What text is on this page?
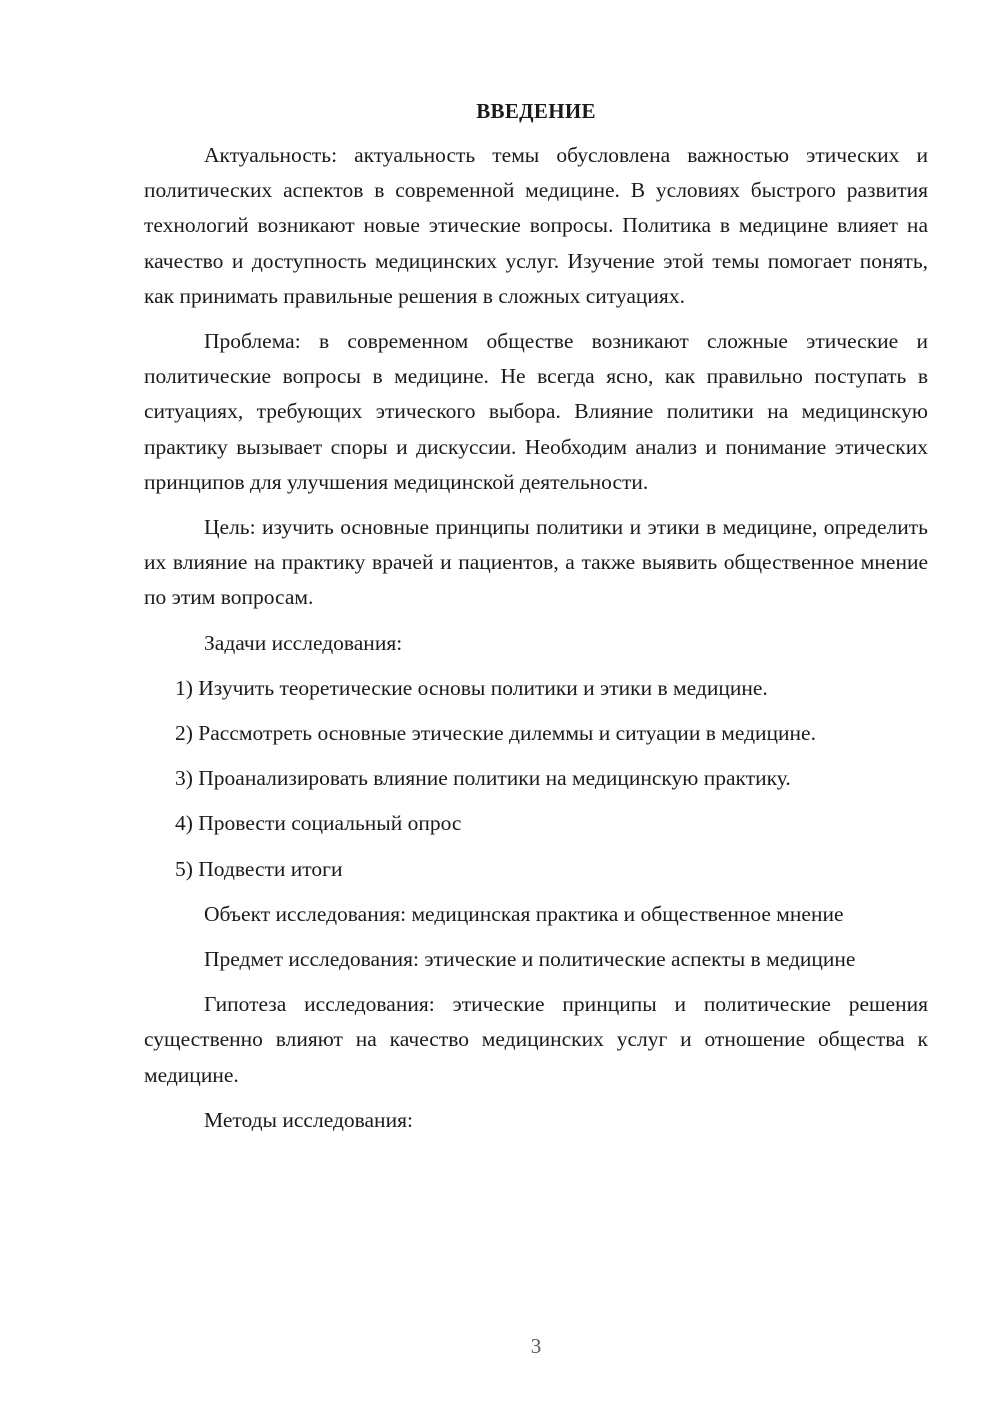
ВВЕДЕНИЕ

Актуальность: актуальность темы обусловлена важностью этических и политических аспектов в современной медицине. В условиях быстрого развития технологий возникают новые этические вопросы. Политика в медицине влияет на качество и доступность медицинских услуг. Изучение этой темы помогает понять, как принимать правильные решения в сложных ситуациях.

Проблема: в современном обществе возникают сложные этические и политические вопросы в медицине. Не всегда ясно, как правильно поступать в ситуациях, требующих этического выбора. Влияние политики на медицинскую практику вызывает споры и дискуссии. Необходим анализ и понимание этических принципов для улучшения медицинской деятельности.

Цель: изучить основные принципы политики и этики в медицине, определить их влияние на практику врачей и пациентов, а также выявить общественное мнение по этим вопросам.

Задачи исследования:

1) Изучить теоретические основы политики и этики в медицине.
2) Рассмотреть основные этические дилеммы и ситуации в медицине.
3) Проанализировать влияние политики на медицинскую практику.
4) Провести социальный опрос
5) Подвести итоги

Объект исследования: медицинская практика и общественное мнение

Предмет исследования: этические и политические аспекты в медицине

Гипотеза исследования: этические принципы и политические решения существенно влияют на качество медицинских услуг и отношение общества к медицине.

Методы исследования:

3
